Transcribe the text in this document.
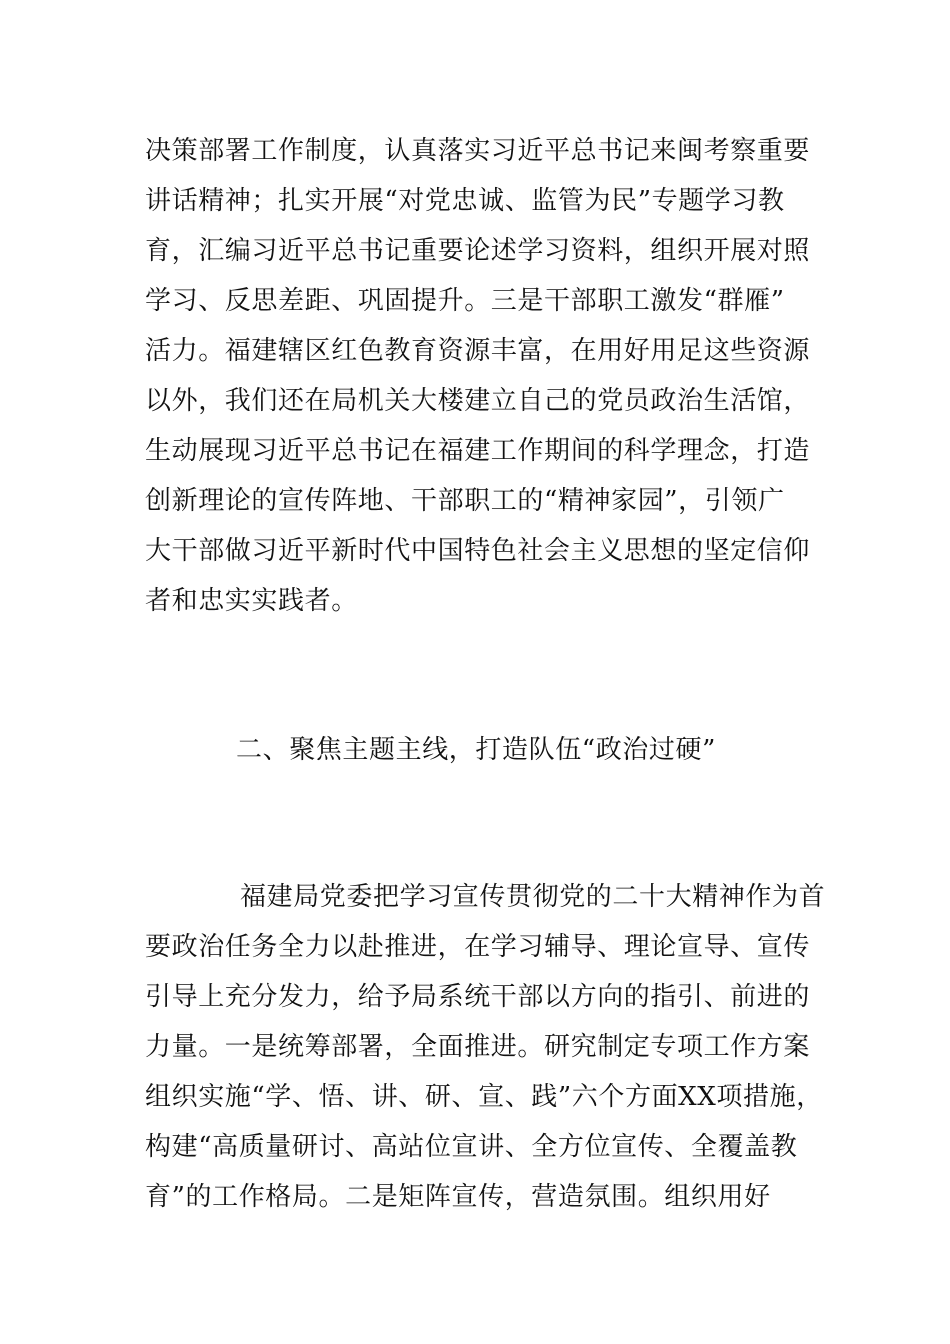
决策部署工作制度，认真落实习近平总书记来闽考察重要
讲话精神；扎实开展“对党忠诚、监管为民”专题学习教
育，汇编习近平总书记重要论述学习资料，组织开展对照
学习、反思差距、巩固提升。三是干部职工激发“群雁”
活力。福建辖区红色教育资源丰富，在用好用足这些资源
以外，我们还在局机关大楼建立自己的党员政治生活馆，
生动展现习近平总书记在福建工作期间的科学理念，打造
创新理论的宣传阵地、干部职工的“精神家园”，引领广
大干部做习近平新时代中国特色社会主义思想的坚定信仰
者和忠实实践者。
二、聚焦主题主线，打造队伍“政治过硬”
福建局党委把学习宣传贯彻党的二十大精神作为首
要政治任务全力以赴推进，在学习辅导、理论宣导、宣传
引导上充分发力，给予局系统干部以方向的指引、前进的
力量。一是统筹部署，全面推进。研究制定专项工作方案
组织实施“学、悟、讲、研、宣、践”六个方面XX项措施，
构建“高质量研讨、高站位宣讲、全方位宣传、全覆盖教
育”的工作格局。二是矩阵宣传，营造氛围。组织用好
